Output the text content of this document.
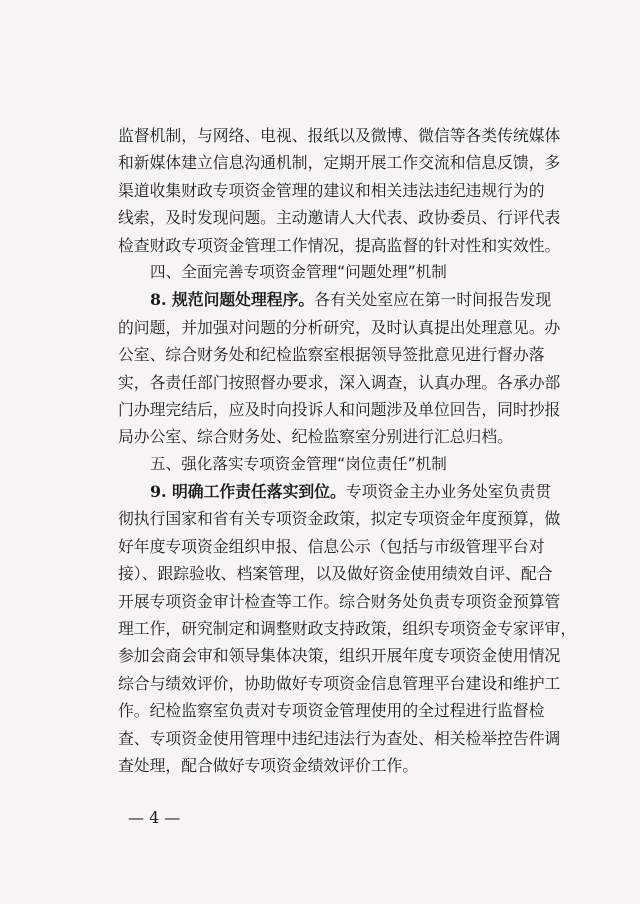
监督机制，与网络、电视、报纸以及微博、微信等各类传统媒体
和新媒体建立信息沟通机制，定期开展工作交流和信息反馈，多
渠道收集财政专项资金管理的建议和相关违法违纪违规行为的
线索，及时发现问题。主动邀请人大代表、政协委员、行评代表
检查财政专项资金管理工作情况，提高监督的针对性和实效性。
四、全面完善专项资金管理“问题处理”机制
8. 规范问题处理程序。各有关处室应在第一时间报告发现
的问题，并加强对问题的分析研究，及时认真提出处理意见。办
公室、综合财务处和纪检监察室根据领导签批意见进行督办落
实，各责任部门按照督办要求，深入调查，认真办理。各承办部
门办理完结后，应及时向投诉人和问题涉及单位回告，同时抄报
局办公室、综合财务处、纪检监察室分别进行汇总归档。
五、强化落实专项资金管理“岗位责任”机制
9. 明确工作责任落实到位。专项资金主办业务处室负责贯
彻执行国家和省有关专项资金政策，拟定专项资金年度预算，做
好年度专项资金组织申报、信息公示（包括与市级管理平台对
接）、跟踪验收、档案管理，以及做好资金使用绩效自评、配合
开展专项资金审计检查等工作。综合财务处负责专项资金预算管
理工作，研究制定和调整财政支持政策，组织专项资金专家评审，
参加会商会审和领导集体决策，组织开展年度专项资金使用情况
综合与绩效评价，协助做好专项资金信息管理平台建设和维护工
作。纪检监察室负责对专项资金管理使用的全过程进行监督检
查、专项资金使用管理中违纪违法行为查处、相关检举控告件调
查处理，配合做好专项资金绩效评价工作。
— 4 —
